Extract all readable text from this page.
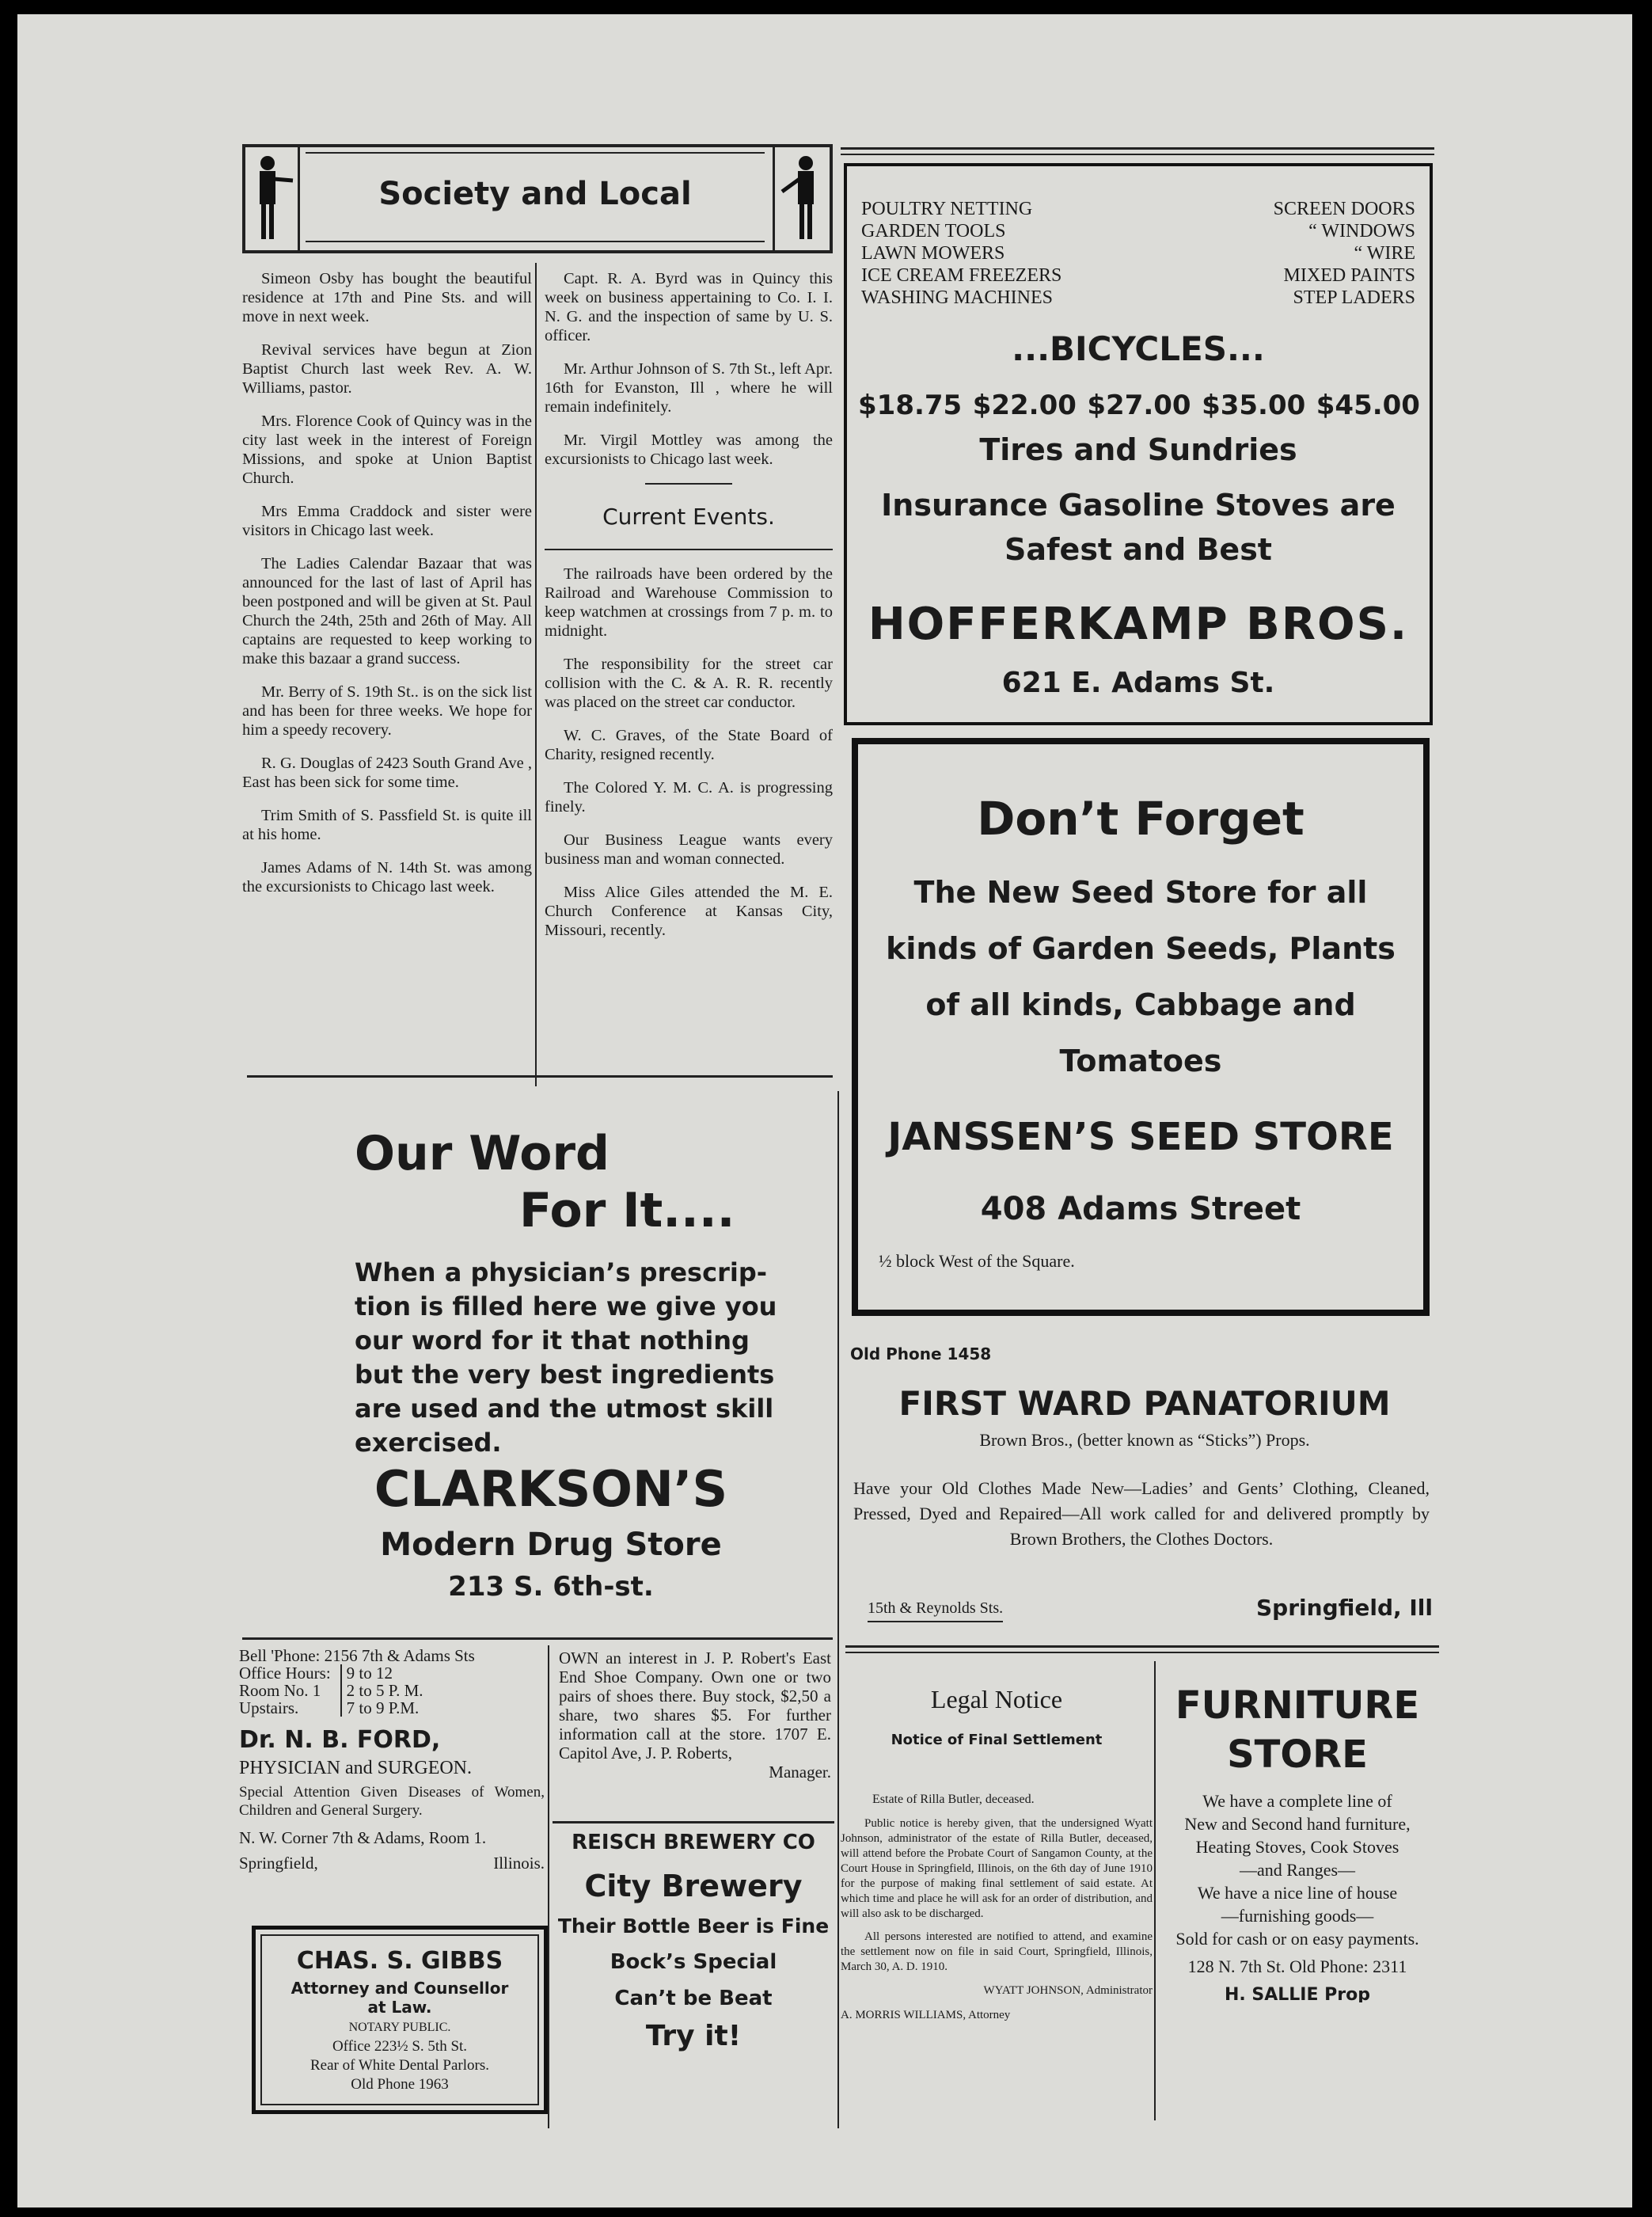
Society and Local

Simeon Osby has bought the beautiful residence at 17th and Pine Sts. and will move in next week.

Revival services have begun at Zion Baptist Church last week Rev. A. W. Williams, pastor.

Mrs. Florence Cook of Quincy was in the city last week in the interest of Foreign Missions, and spoke at Union Baptist Church.

Mrs Emma Craddock and sister were visitors in Chicago last week.

The Ladies Calendar Bazaar that was announced for the last of last of April has been postponed and will be given at St. Paul Church the 24th, 25th and 26th of May. All captains are requested to keep working to make this bazaar a grand success.

Mr. Berry of S. 19th St.. is on the sick list and has been for three weeks. We hope for him a speedy recovery.

R. G. Douglas of 2423 South Grand Ave , East has been sick for some time.

Trim Smith of S. Passfield St. is quite ill at his home.

James Adams of N. 14th St. was among the excursionists to Chicago last week.

Capt. R. A. Byrd was in Quincy this week on business appertaining to Co. I. I. N. G. and the inspection of same by U. S. officer.

Mr. Arthur Johnson of S. 7th St., left Apr. 16th for Evanston, Ill , where he will remain indefinitely.

Mr. Virgil Mottley was among the excursionists to Chicago last week.

Current Events.

The railroads have been ordered by the Railroad and Warehouse Commission to keep watchmen at crossings from 7 p. m. to midnight.

The responsibility for the street car collision with the C. & A. R. R. recently was placed on the street car conductor.

W. C. Graves, of the State Board of Charity, resigned recently.

The Colored Y. M. C. A. is progressing finely.

Our Business League wants every business man and woman connected.

Miss Alice Giles attended the M. E. Church Conference at Kansas City, Missouri, recently.

POULTRY NETTING
GARDEN TOOLS
LAWN MOWERS
ICE CREAM FREEZERS
WASHING MACHINES
SCREEN DOORS
“ WINDOWS
“ WIRE
MIXED PAINTS
STEP LADERS
...BICYCLES...
$18.75 $22.00 $27.00 $35.00 $45.00
Tires and Sundries
Insurance Gasoline Stoves are
Safest and Best
HOFFERKAMP BROS.
621 E. Adams St.
Don’t Forget
The New Seed Store for all
kinds of Garden Seeds, Plants
of all kinds, Cabbage and
Tomatoes
JANSSEN’S SEED STORE
408 Adams Street
½ block West of the Square.
Our Word
For It....
When a physician’s prescrip-
tion is filled here we give you
our word for it that nothing
but the very best ingredients
are used and the utmost skill
exercised.
CLARKSON’S
Modern Drug Store
213 S. 6th-st.
Old Phone 1458
FIRST WARD PANATORIUM
Brown Bros., (better known as “Sticks”) Props.
Have your Old Clothes Made New—Ladies’ and Gents’ Clothing, Cleaned, Pressed, Dyed and Repaired—All work called for and delivered promptly by Brown Brothers, the Clothes Doctors.
15th & Reynolds Sts.	Springfield, Ill
Bell 'Phone: 2156 7th & Adams Sts
Office Hours:
Room No. 1
Upstairs.
9 to 12
2 to 5 P. M.
7 to 9 P.M.
Dr. N. B. FORD,
PHYSICIAN and SURGEON.
Special Attention Given Diseases of Women, Children and General Surgery.
N. W. Corner 7th & Adams, Room 1.
Springfield,	Illinois.
OWN an interest in J. P. Robert's East End Shoe Company. Own one or two pairs of shoes there. Buy stock, $2,50 a share, two shares $5. For further information call at the store. 1707 E. Capitol Ave, J. P. Roberts,
Manager.
CHAS. S. GIBBS
Attorney and Counsellor
at Law.
NOTARY PUBLIC.
Office 223½ S. 5th St.
Rear of White Dental Parlors.
Old Phone 1963
REISCH BREWERY CO
City Brewery
Their Bottle Beer is Fine
Bock’s Special
Can’t be Beat
Try it!
Legal Notice
Notice of Final Settlement
Estate of Rilla Butler, deceased.
Public notice is hereby given, that the undersigned Wyatt Johnson, administrator of the estate of Rilla Butler, deceased, will attend before the Probate Court of Sangamon County, at the Court House in Springfield, Illinois, on the 6th day of June 1910 for the purpose of making final settlement of said estate. At which time and place he will ask for an order of distribution, and will also ask to be discharged.
All persons interested are notified to attend, and examine the settlement now on file in said Court, Springfield, Illinois, March 30, A. D. 1910.
WYATT JOHNSON, Administrator
A. MORRIS WILLIAMS, Attorney
FURNITURE
STORE
We have a complete line of
New and Second hand furniture,
Heating Stoves, Cook Stoves
—and Ranges—
We have a nice line of house
—furnishing goods—
Sold for cash or on easy payments.
128 N. 7th St. Old Phone: 2311
H. SALLIE Prop
